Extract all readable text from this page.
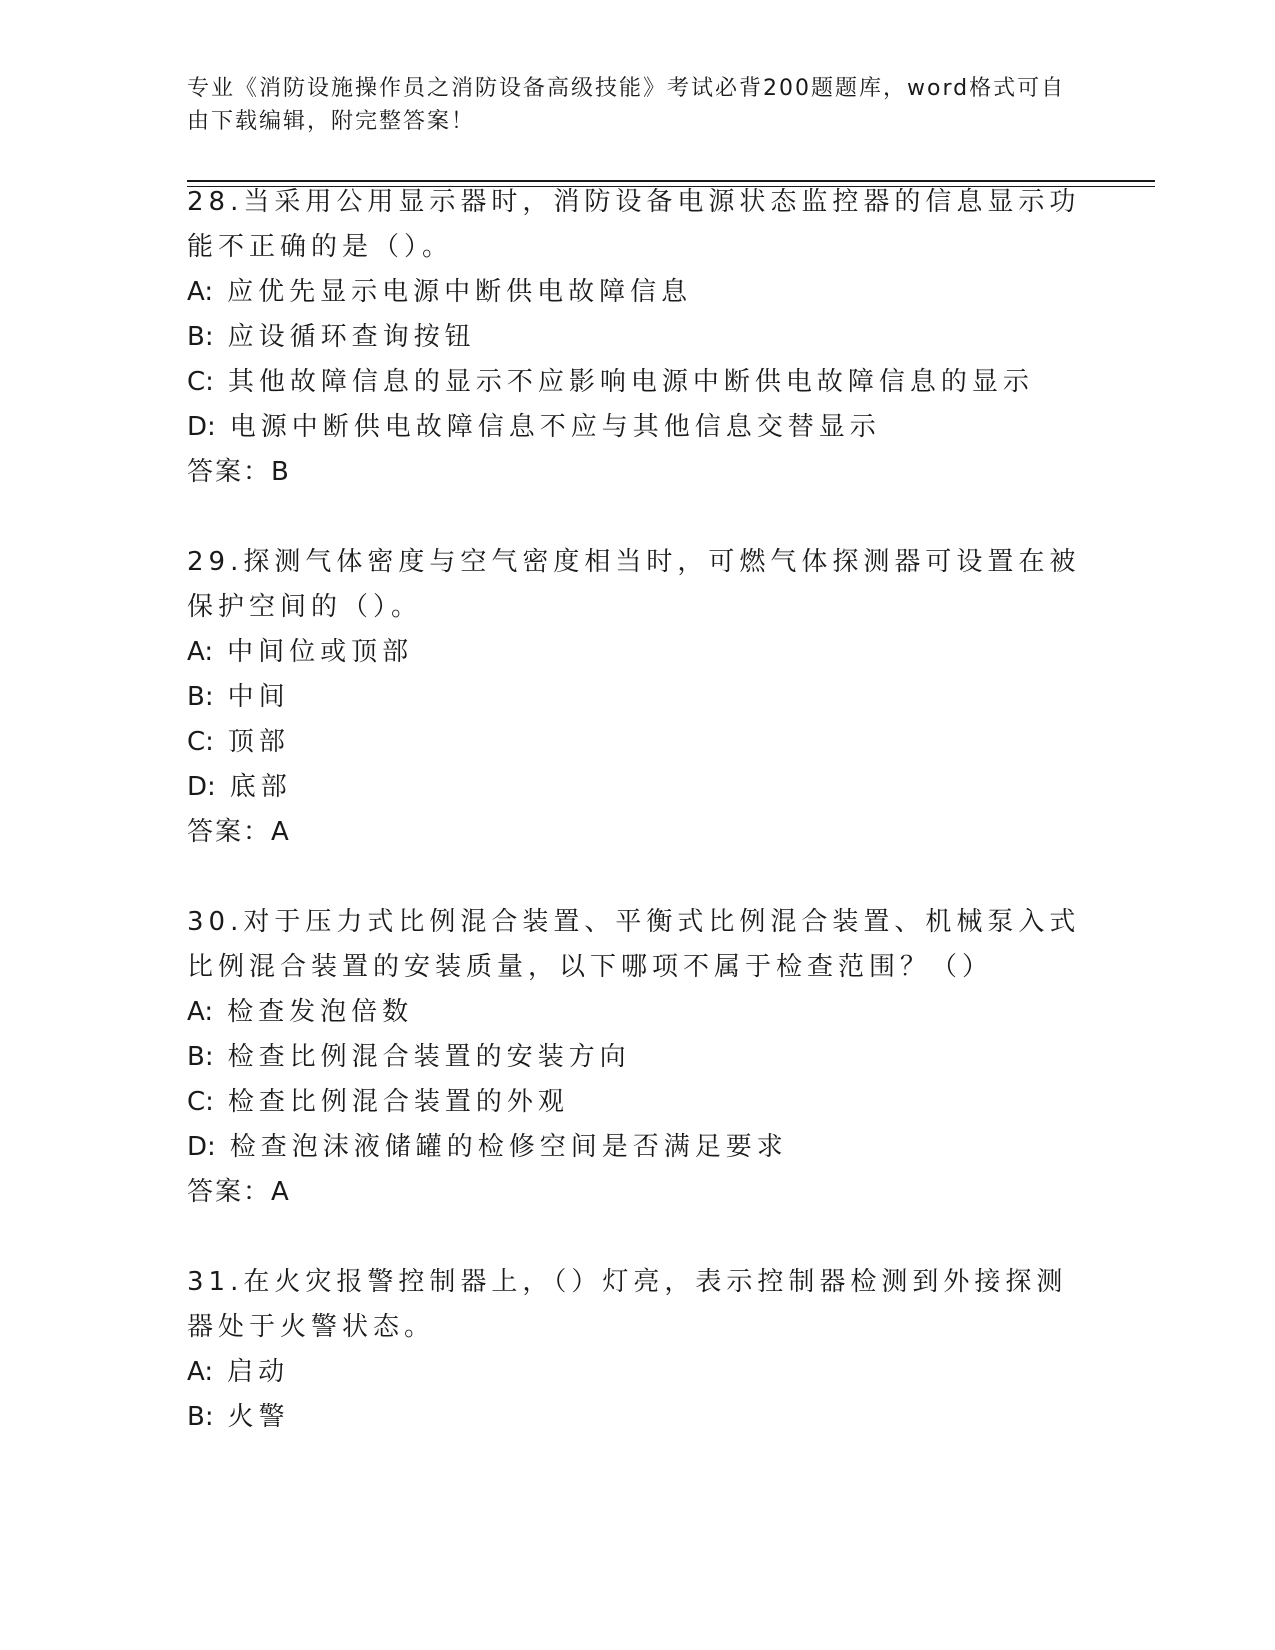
专业《消防设施操作员之消防设备高级技能》考试必背200题题库，word格式可自由下载编辑，附完整答案！

28.当采用公用显示器时，消防设备电源状态监控器的信息显示功能不正确的是（）。

A: 应优先显示电源中断供电故障信息

B: 应设循环查询按钮

C: 其他故障信息的显示不应影响电源中断供电故障信息的显示

D: 电源中断供电故障信息不应与其他信息交替显示

答案：B

29.探测气体密度与空气密度相当时，可燃气体探测器可设置在被保护空间的（）。

A: 中间位或顶部

B: 中间

C: 顶部

D: 底部

答案：A

30.对于压力式比例混合装置、平衡式比例混合装置、机械泵入式比例混合装置的安装质量，以下哪项不属于检查范围？（）

A: 检查发泡倍数

B: 检查比例混合装置的安装方向

C: 检查比例混合装置的外观

D: 检查泡沫液储罐的检修空间是否满足要求

答案：A

31.在火灾报警控制器上，（）灯亮，表示控制器检测到外接探测器处于火警状态。

A: 启动

B: 火警
